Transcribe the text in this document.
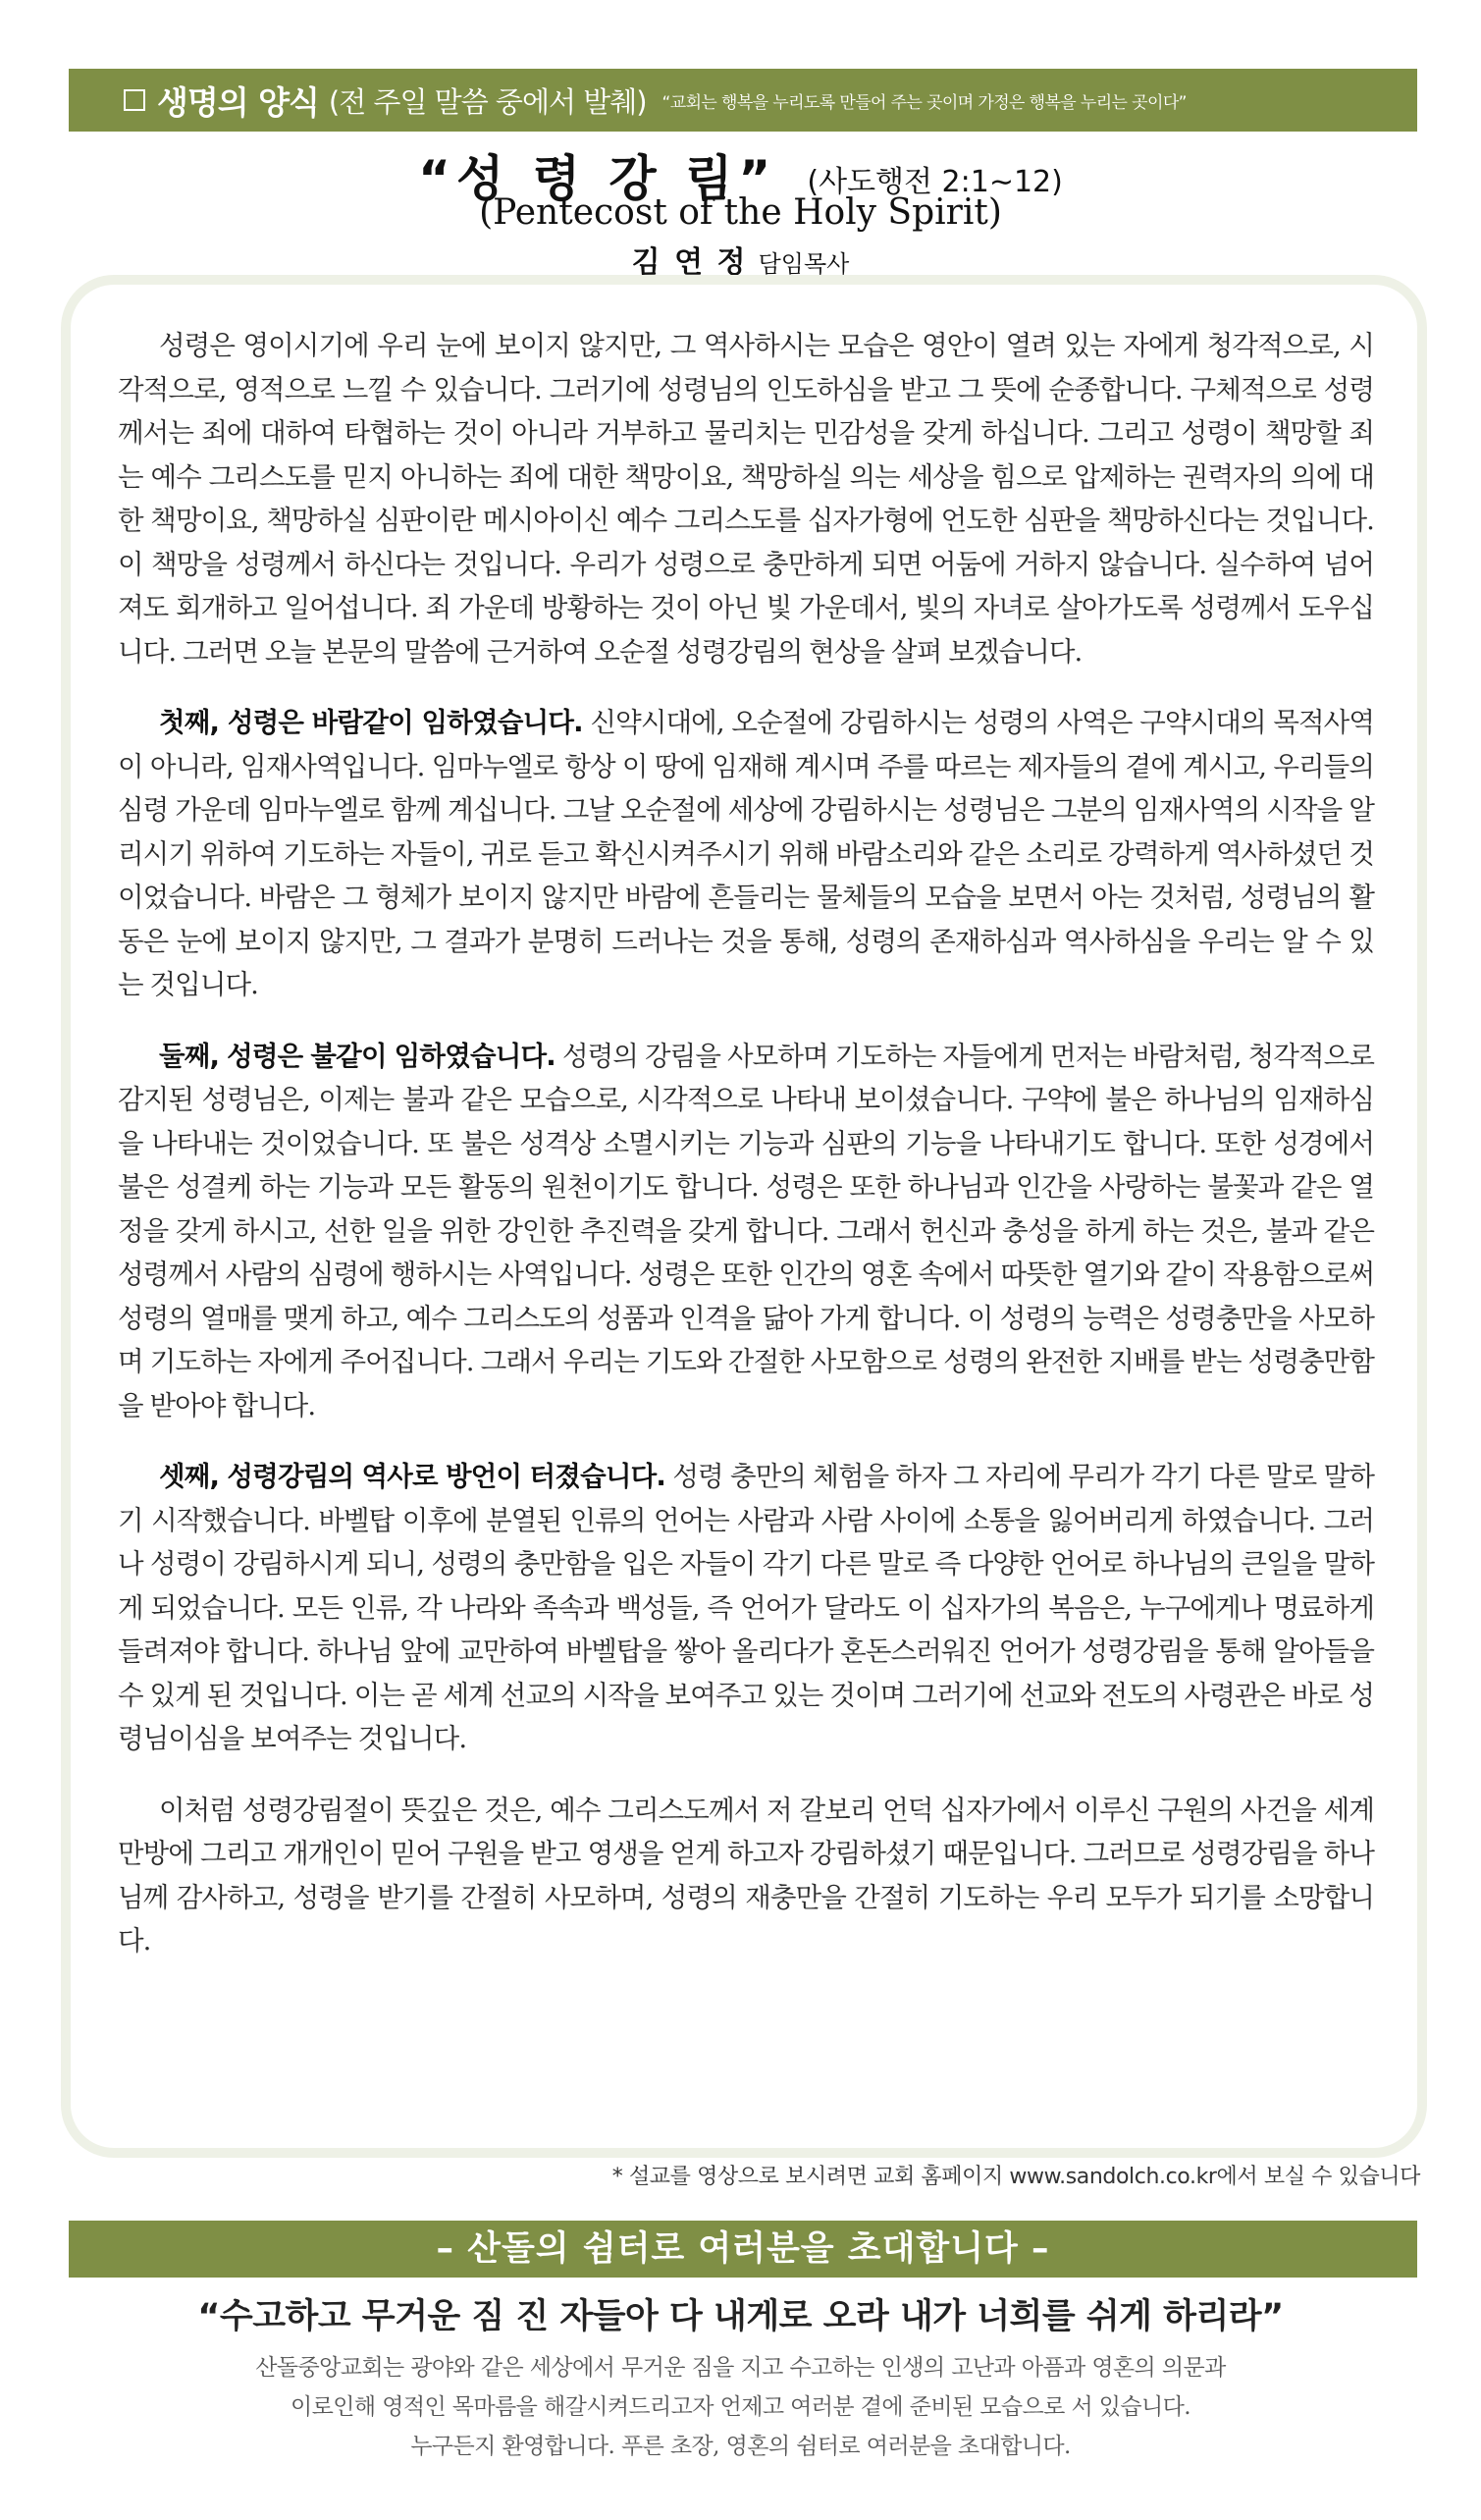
생명의 양식 (전 주일 말씀 중에서 발췌) “교회는 행복을 누리도록 만들어 주는 곳이며 가정은 행복을 누리는 곳이다”
“성 령 강 림” (사도행전 2:1∼12)
(Pentecost of the Holy Spirit)
김 연 정 담임목사

성령은 영이시기에 우리 눈에 보이지 않지만, 그 역사하시는 모습은 영안이 열려 있는 자에게 청각적으로, 시각적으로, 영적으로 느낄 수 있습니다. 그러기에 성령님의 인도하심을 받고 그 뜻에 순종합니다. 구체적으로 성령께서는 죄에 대하여 타협하는 것이 아니라 거부하고 물리치는 민감성을 갖게 하십니다. 그리고 성령이 책망할 죄는 예수 그리스도를 믿지 아니하는 죄에 대한 책망이요, 책망하실 의는 세상을 힘으로 압제하는 권력자의 의에 대한 책망이요, 책망하실 심판이란 메시아이신 예수 그리스도를 십자가형에 언도한 심판을 책망하신다는 것입니다. 이 책망을 성령께서 하신다는 것입니다. 우리가 성령으로 충만하게 되면 어둠에 거하지 않습니다. 실수하여 넘어져도 회개하고 일어섭니다. 죄 가운데 방황하는 것이 아닌 빛 가운데서, 빛의 자녀로 살아가도록 성령께서 도우십니다. 그러면 오늘 본문의 말씀에 근거하여 오순절 성령강림의 현상을 살펴 보겠습니다.

첫째, 성령은 바람같이 임하였습니다. 신약시대에, 오순절에 강림하시는 성령의 사역은 구약시대의 목적사역이 아니라, 임재사역입니다. 임마누엘로 항상 이 땅에 임재해 계시며 주를 따르는 제자들의 곁에 계시고, 우리들의 심령 가운데 임마누엘로 함께 계십니다. 그날 오순절에 세상에 강림하시는 성령님은 그분의 임재사역의 시작을 알리시기 위하여 기도하는 자들이, 귀로 듣고 확신시켜주시기 위해 바람소리와 같은 소리로 강력하게 역사하셨던 것이었습니다. 바람은 그 형체가 보이지 않지만 바람에 흔들리는 물체들의 모습을 보면서 아는 것처럼, 성령님의 활동은 눈에 보이지 않지만, 그 결과가 분명히 드러나는 것을 통해, 성령의 존재하심과 역사하심을 우리는 알 수 있는 것입니다.

둘째, 성령은 불같이 임하였습니다. 성령의 강림을 사모하며 기도하는 자들에게 먼저는 바람처럼, 청각적으로 감지된 성령님은, 이제는 불과 같은 모습으로, 시각적으로 나타내 보이셨습니다. 구약에 불은 하나님의 임재하심을 나타내는 것이었습니다. 또 불은 성격상 소멸시키는 기능과 심판의 기능을 나타내기도 합니다. 또한 성경에서 불은 성결케 하는 기능과 모든 활동의 원천이기도 합니다. 성령은 또한 하나님과 인간을 사랑하는 불꽃과 같은 열정을 갖게 하시고, 선한 일을 위한 강인한 추진력을 갖게 합니다. 그래서 헌신과 충성을 하게 하는 것은, 불과 같은 성령께서 사람의 심령에 행하시는 사역입니다. 성령은 또한 인간의 영혼 속에서 따뜻한 열기와 같이 작용함으로써 성령의 열매를 맺게 하고, 예수 그리스도의 성품과 인격을 닮아 가게 합니다. 이 성령의 능력은 성령충만을 사모하며 기도하는 자에게 주어집니다. 그래서 우리는 기도와 간절한 사모함으로 성령의 완전한 지배를 받는 성령충만함을 받아야 합니다.

셋째, 성령강림의 역사로 방언이 터졌습니다. 성령 충만의 체험을 하자 그 자리에 무리가 각기 다른 말로 말하기 시작했습니다. 바벨탑 이후에 분열된 인류의 언어는 사람과 사람 사이에 소통을 잃어버리게 하였습니다. 그러나 성령이 강림하시게 되니, 성령의 충만함을 입은 자들이 각기 다른 말로 즉 다양한 언어로 하나님의 큰일을 말하게 되었습니다. 모든 인류, 각 나라와 족속과 백성들, 즉 언어가 달라도 이 십자가의 복음은, 누구에게나 명료하게 들려져야 합니다. 하나님 앞에 교만하여 바벨탑을 쌓아 올리다가 혼돈스러워진 언어가 성령강림을 통해 알아들을 수 있게 된 것입니다. 이는 곧 세계 선교의 시작을 보여주고 있는 것이며 그러기에 선교와 전도의 사령관은 바로 성령님이심을 보여주는 것입니다.

이처럼 성령강림절이 뜻깊은 것은, 예수 그리스도께서 저 갈보리 언덕 십자가에서 이루신 구원의 사건을 세계만방에 그리고 개개인이 믿어 구원을 받고 영생을 얻게 하고자 강림하셨기 때문입니다. 그러므로 성령강림을 하나님께 감사하고, 성령을 받기를 간절히 사모하며, 성령의 재충만을 간절히 기도하는 우리 모두가 되기를 소망합니다.

* 설교를 영상으로 보시려면 교회 홈페이지 www.sandolch.co.kr에서 보실 수 있습니다
– 산돌의 쉼터로 여러분을 초대합니다 –
“수고하고 무거운 짐 진 자들아 다 내게로 오라 내가 너희를 쉬게 하리라”
산돌중앙교회는 광야와 같은 세상에서 무거운 짐을 지고 수고하는 인생의 고난과 아픔과 영혼의 의문과
이로인해 영적인 목마름을 해갈시켜드리고자 언제고 여러분 곁에 준비된 모습으로 서 있습니다.
누구든지 환영합니다. 푸른 초장, 영혼의 쉼터로 여러분을 초대합니다.
